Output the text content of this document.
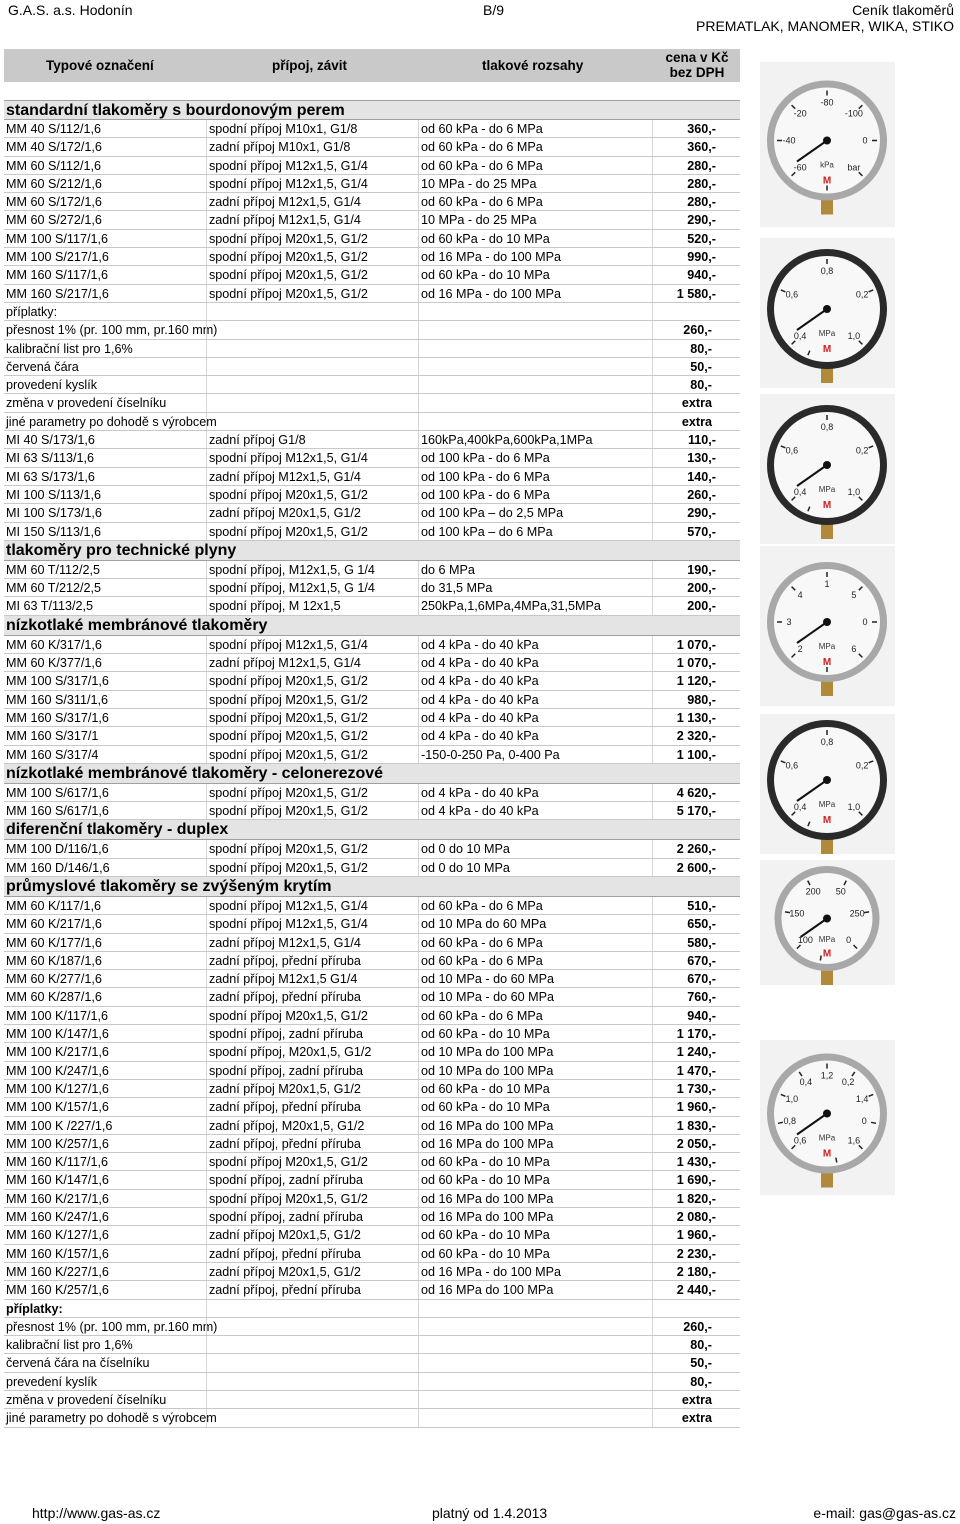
G.A.S. a.s. Hodonín	B/9	Ceník tlakoměrů
PREMATLAK, MANOMER, WIKA, STIKO
Typové označení	přípoj, závit	tlakové rozsahy
cena v Kč bez DPH
standardní tlakoměry s bourdonovým perem
MM 40 S/112/1,6	spodní přípoj M10x1, G1/8	od 60 kPa - do 6 MPa	360,-
MM 40 S/172/1,6	zadní přípoj M10x1, G1/8	od 60 kPa - do 6 MPa	360,-
MM 60 S/112/1,6	spodní přípoj M12x1,5, G1/4	od 60 kPa - do 6 MPa	280,-
MM 60 S/212/1,6	spodní přípoj M12x1,5, G1/4	10 MPa - do 25 MPa	280,-
MM 60 S/172/1,6	zadní přípoj M12x1,5, G1/4	od 60 kPa - do 6 MPa	280,-
MM 60 S/272/1,6	zadní přípoj M12x1,5, G1/4	10 MPa - do 25 MPa	290,-
MM 100 S/117/1,6	spodní přípoj M20x1,5, G1/2	od 60 kPa - do 10 MPa	520,-
MM 100 S/217/1,6	spodní přípoj M20x1,5, G1/2	od 16 MPa - do 100 MPa	990,-
MM 160 S/117/1,6	spodní přípoj M20x1,5, G1/2	od 60 kPa - do 10 MPa	940,-
MM 160 S/217/1,6	spodní přípoj M20x1,5, G1/2	od 16 MPa - do 100 MPa	1 580,-
příplatky:
přesnost 1% (pr. 100 mm, pr.160 mm)	260,-
kalibrační list pro 1,6%	80,-
červená čára	50,-
provedení kyslík	80,-
změna v provedení číselníku	extra
jiné parametry po dohodě s výrobcem	extra
MI 40 S/173/1,6	zadní přípoj G1/8	160kPa,400kPa,600kPa,1MPa	110,-
MI 63 S/113/1,6	spodní přípoj M12x1,5, G1/4	od 100 kPa - do 6 MPa	130,-
MI 63 S/173/1,6	zadní přípoj M12x1,5, G1/4	od 100 kPa - do 6 MPa	140,-
MI 100 S/113/1,6	spodní přípoj M20x1,5, G1/2	od 100 kPa - do 6 MPa	260,-
MI 100 S/173/1,6	zadní přípoj M20x1,5, G1/2	od 100 kPa – do 2,5 MPa	290,-
MI 150 S/113/1,6	spodní přípoj M20x1,5, G1/2	od 100 kPa – do 6 MPa	570,-
tlakoměry pro technické plyny
MM 60 T/112/2,5	spodní přípoj, M12x1,5, G 1/4	do 6 MPa	190,-
MM 60 T/212/2,5	spodní přípoj, M12x1,5, G 1/4	do 31,5 MPa	200,-
MI 63 T/113/2,5	spodní přípoj, M 12x1,5	250kPa,1,6MPa,4MPa,31,5MPa	200,-
nízkotlaké membránové tlakoměry
MM 60 K/317/1,6	spodní přípoj M12x1,5, G1/4	od 4 kPa - do 40 kPa	1 070,-
MM 60 K/377/1,6	zadní přípoj M12x1,5, G1/4	od 4 kPa - do 40 kPa	1 070,-
MM 100 S/317/1,6	spodní přípoj M20x1,5, G1/2	od 4 kPa - do 40 kPa	1 120,-
MM 160 S/311/1,6	spodní přípoj M20x1,5, G1/2	od 4 kPa - do 40 kPa	980,-
MM 160 S/317/1,6	spodní přípoj M20x1,5, G1/2	od 4 kPa - do 40 kPa	1 130,-
MM 160 S/317/1	spodní přípoj M20x1,5, G1/2	od 4 kPa - do 40 kPa	2 320,-
MM 160 S/317/4	spodní přípoj M20x1,5, G1/2	-150-0-250 Pa, 0-400 Pa	1 100,-
nízkotlaké membránové tlakoměry - celonerezové
MM 100 S/617/1,6	spodní přípoj M20x1,5, G1/2	od 4 kPa - do 40 kPa	4 620,-
MM 160 S/617/1,6	spodní přípoj M20x1,5, G1/2	od 4 kPa - do 40 kPa	5 170,-
diferenční tlakoměry - duplex
MM 100 D/116/1,6	spodní přípoj M20x1,5, G1/2	od 0 do 10 MPa	2 260,-
MM 160 D/146/1,6	spodní přípoj M20x1,5, G1/2	od 0 do 10 MPa	2 600,-
průmyslové tlakoměry se zvýšeným krytím
MM 60 K/117/1,6	spodní přípoj M12x1,5, G1/4	od 60 kPa - do 6 MPa	510,-
MM 60 K/217/1,6	spodní přípoj M12x1,5, G1/4	od 10 MPa do 60 MPa	650,-
MM 60 K/177/1,6	zadní přípoj M12x1,5, G1/4	od 60 kPa - do 6 MPa	580,-
MM 60 K/187/1,6	zadní přípoj, přední příruba	od 60 kPa - do 6 MPa	670,-
MM 60 K/277/1,6	zadní přípoj M12x1,5 G1/4	od 10 MPa - do 60 MPa	670,-
MM 60 K/287/1,6	zadní přípoj, přední příruba	od 10 MPa - do 60 MPa	760,-
MM 100 K/117/1,6	spodní přípoj M20x1,5, G1/2	od 60 kPa - do 6 MPa	940,-
MM 100 K/147/1,6	spodní přípoj, zadní příruba	od 60 kPa - do 10 MPa	1 170,-
MM 100 K/217/1,6	spodní přípoj, M20x1,5, G1/2	od 10 MPa do 100 MPa	1 240,-
MM 100 K/247/1,6	spodní přípoj, zadní příruba	od 10 MPa do 100 MPa	1 470,-
MM 100 K/127/1,6	zadní přípoj M20x1,5, G1/2	od 60 kPa - do 10 MPa	1 730,-
MM 100 K/157/1,6	zadní přípoj, přední příruba	od 60 kPa - do 10 MPa	1 960,-
MM 100 K /227/1,6	zadní přípoj, M20x1,5, G1/2	od 16 MPa do 100 MPa	1 830,-
MM 100 K/257/1,6	zadní přípoj, přední příruba	od 16 MPa do 100 MPa	2 050,-
MM 160 K/117/1,6	spodní přípoj M20x1,5, G1/2	od 60 kPa - do 10 MPa	1 430,-
MM 160 K/147/1,6	spodní přípoj, zadní příruba	od 60 kPa - do 10 MPa	1 690,-
MM 160 K/217/1,6	spodní přípoj M20x1,5, G1/2	od 16 MPa do 100 MPa	1 820,-
MM 160 K/247/1,6	spodní přípoj, zadní příruba	od 16 MPa do 100 MPa	2 080,-
MM 160 K/127/1,6	zadní přípoj M20x1,5, G1/2	od 60 kPa - do 10 MPa	1 960,-
MM 160 K/157/1,6	zadní přípoj, přední příruba	od 60 kPa - do 10 MPa	2 230,-
MM 160 K/227/1,6	zadní přípoj M20x1,5, G1/2	od 16 MPa - do 100 MPa	2 180,-
MM 160 K/257/1,6	zadní přípoj, přední příruba	od 16 MPa do 100 MPa	2 440,-
příplatky:
přesnost 1% (pr. 100 mm, pr.160 mm)	260,-
kalibrační list pro 1,6%	80,-
červená čára na číselníku	50,-
prevedení kyslík	80,-
změna v provedení číselníku	extra
jiné parametry po dohodě s výrobcem	extra
-60
-40
-20
-80
-100
0
bar
kPa
M
0,4
0,6
0,8
0,2
1,0
MPa
M
0,4
0,6
0,8
0,2
1,0
MPa
M
2
3
4
1
5
0
6
MPa
M
0,4
0,6
0,8
0,2
1,0
MPa
M
100
150
200 50
250
0
MPa
M
0,6
0,8
1,0
0,4
1,2
0,2
1,4
0
1,6
MPa
M
http://www.gas-as.cz	platný od 1.4.2013	e-mail: gas@gas-as.cz
